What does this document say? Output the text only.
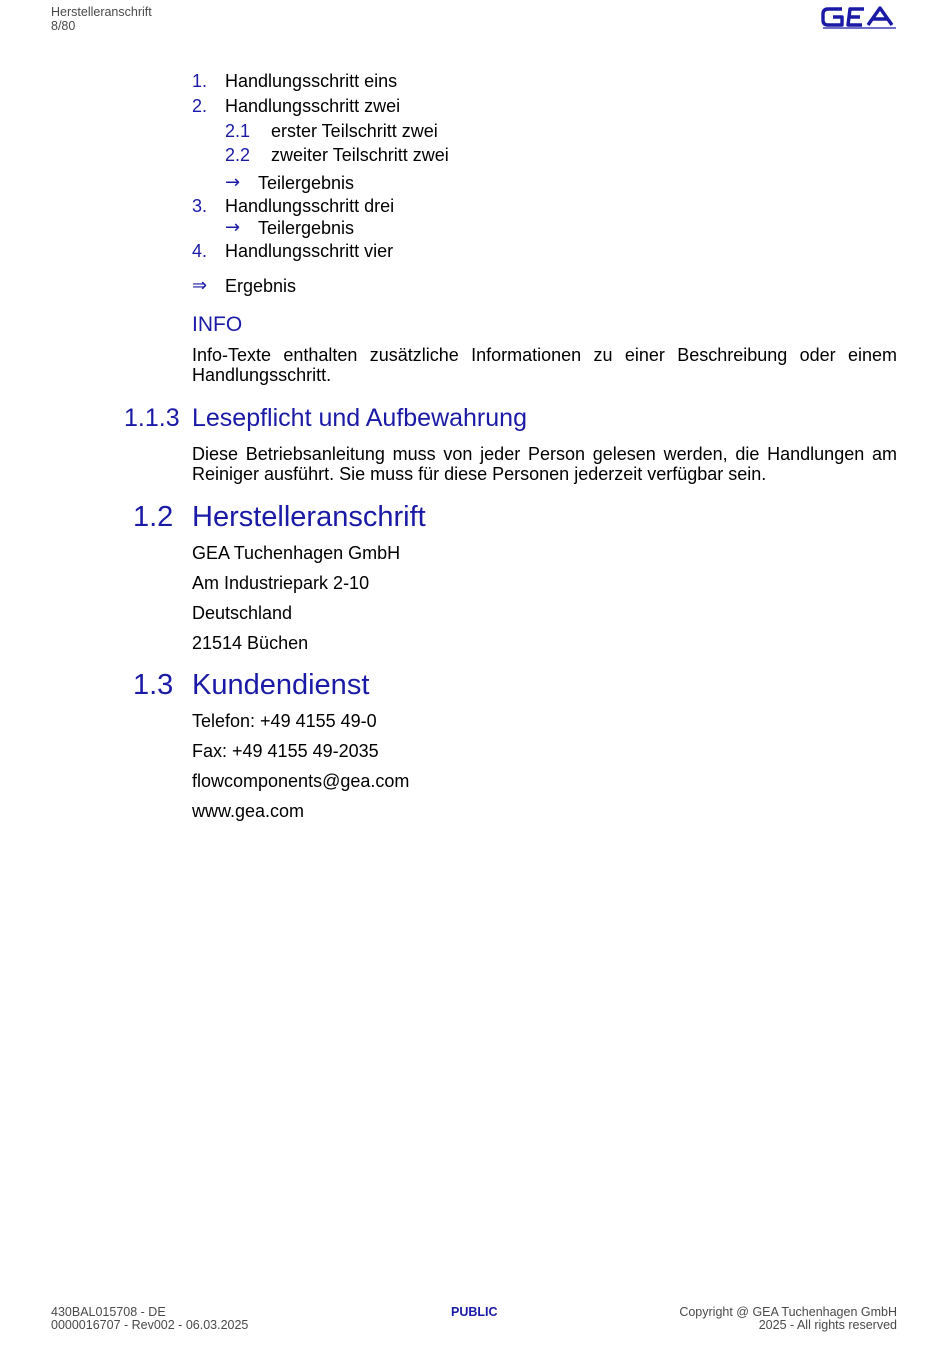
Herstelleranschrift
8/80
1. Handlungsschritt eins
2. Handlungsschritt zwei
2.1 erster Teilschritt zwei
2.2 zweiter Teilschritt zwei
→ Teilergebnis
3. Handlungsschritt drei
→ Teilergebnis
4. Handlungsschritt vier
⇒ Ergebnis
INFO
Info-Texte enthalten zusätzliche Informationen zu einer Beschreibung oder einem Handlungsschritt.
1.1.3 Lesepflicht und Aufbewahrung
Diese Betriebsanleitung muss von jeder Person gelesen werden, die Handlungen am Reiniger ausführt. Sie muss für diese Personen jederzeit verfügbar sein.
1.2 Herstelleranschrift
GEA Tuchenhagen GmbH
Am Industriepark 2-10
Deutschland
21514 Büchen
1.3 Kundendienst
Telefon: +49 4155 49-0
Fax: +49 4155 49-2035
flowcomponents@gea.com
www.gea.com
430BAL015708 - DE
0000016707 - Rev002 - 06.03.2025
PUBLIC	Copyright @ GEA Tuchenhagen GmbH
2025 - All rights reserved
